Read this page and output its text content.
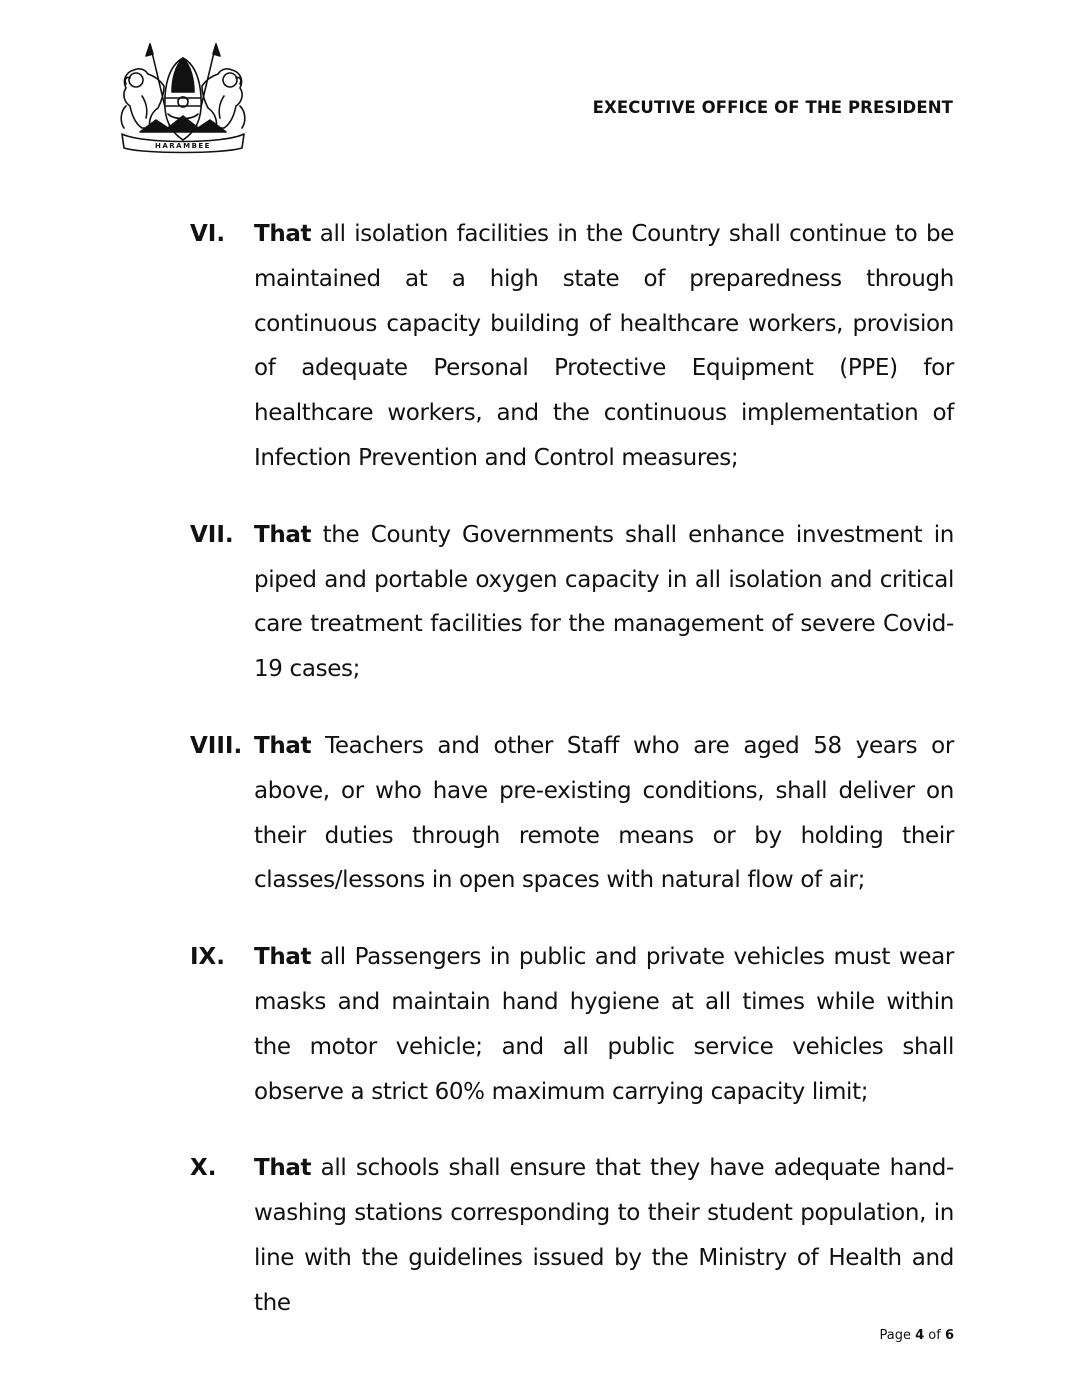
HARAMBEE
EXECUTIVE OFFICE OF THE PRESIDENT
VI. That all isolation facilities in the Country shall continue to be maintained at a high state of preparedness through continuous capacity building of healthcare workers, provision of adequate Personal Protective Equipment (PPE) for healthcare workers, and the continuous implementation of Infection Prevention and Control measures;
VII. That the County Governments shall enhance investment in piped and portable oxygen capacity in all isolation and critical care treatment facilities for the management of severe Covid-19 cases;
VIII. That Teachers and other Staff who are aged 58 years or above, or who have pre-existing conditions, shall deliver on their duties through remote means or by holding their classes/lessons in open spaces with natural flow of air;
IX. That all Passengers in public and private vehicles must wear masks and maintain hand hygiene at all times while within the motor vehicle; and all public service vehicles shall observe a strict 60% maximum carrying capacity limit;
X. That all schools shall ensure that they have adequate hand-washing stations corresponding to their student population, in line with the guidelines issued by the Ministry of Health and the
Page 4 of 6
